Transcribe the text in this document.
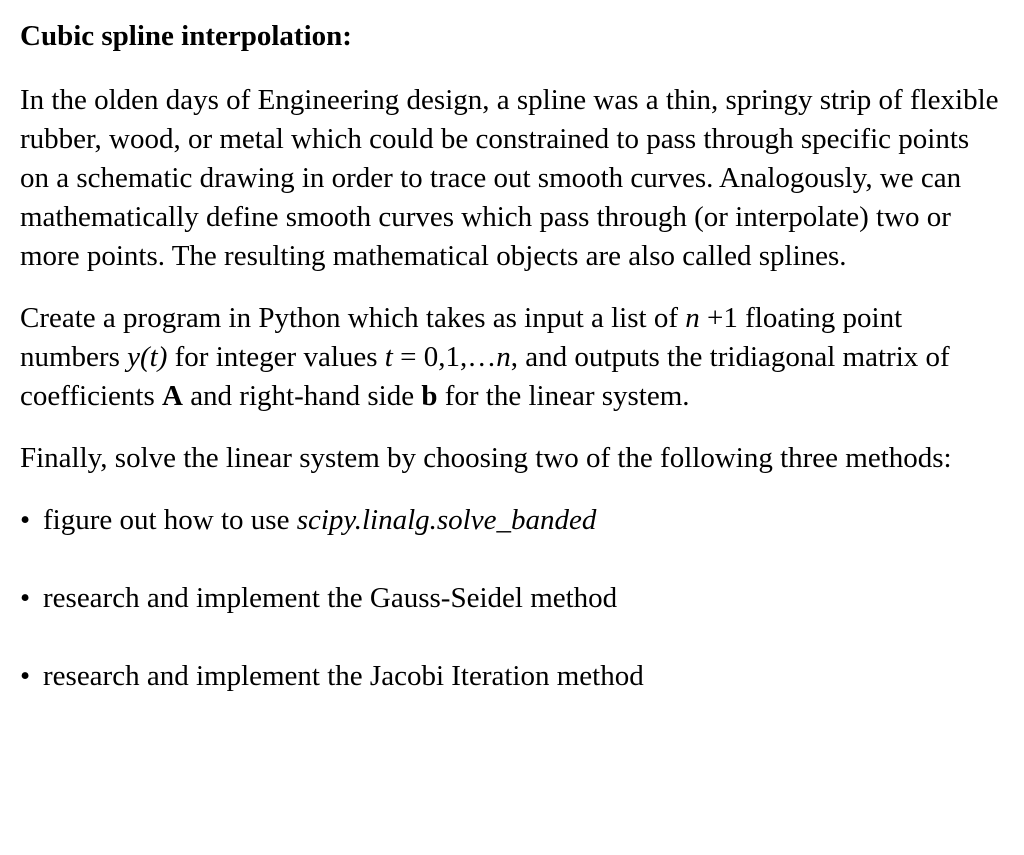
Cubic spline interpolation:

In the olden days of Engineering design, a spline was a thin, springy strip of flexible rubber, wood, or metal which could be constrained to pass through specific points on a schematic drawing in order to trace out smooth curves. Analogously, we can mathematically define smooth curves which pass through (or interpolate) two or more points. The resulting mathematical objects are also called splines.

Create a program in Python which takes as input a list of n +1 floating point numbers y(t) for integer values t = 0,1,…n, and outputs the tridiagonal matrix of coefficients A and right-hand side b for the linear system.

Finally, solve the linear system by choosing two of the following three methods:

• figure out how to use scipy.linalg.solve_banded
• research and implement the Gauss-Seidel method
• research and implement the Jacobi Iteration method
